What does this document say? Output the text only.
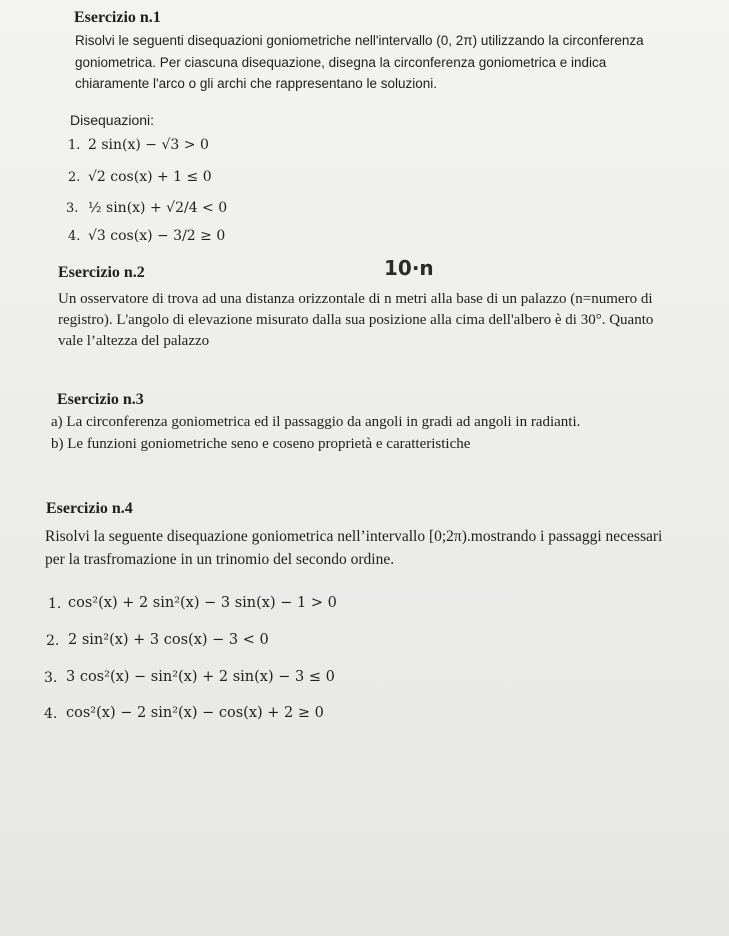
Esercizio n.1
Risolvi le seguenti disequazioni goniometriche nell'intervallo (0, 2π) utilizzando la circonferenza
goniometrica. Per ciascuna disequazione, disegna la circonferenza goniometrica e indica
chiaramente l'arco o gli archi che rappresentano le soluzioni.
Disequazioni:
1. 2 sin(x) − √3 > 0
2. √2 cos(x) + 1 ≤ 0
3. ½ sin(x) + √2/4 < 0
4. √3 cos(x) − 3/2 ≥ 0
Esercizio n.2	10·n
Un osservatore di trova ad una distanza orizzontale di n metri alla base di un palazzo (n=numero di
registro). L'angolo di elevazione misurato dalla sua posizione alla cima dell'albero è di 30°. Quanto
vale l’altezza del palazzo
Esercizio n.3
a) La circonferenza goniometrica ed il passaggio da angoli in gradi ad angoli in radianti.
b) Le funzioni goniometriche seno e coseno proprietà e caratteristiche
Esercizio n.4
Risolvi la seguente disequazione goniometrica nell’intervallo [0;2π).mostrando i passaggi necessari
per la trasfromazione in un trinomio del secondo ordine.
1. cos²(x) + 2 sin²(x) − 3 sin(x) − 1 > 0
2. 2 sin²(x) + 3 cos(x) − 3 < 0
3. 3 cos²(x) − sin²(x) + 2 sin(x) − 3 ≤ 0
4. cos²(x) − 2 sin²(x) − cos(x) + 2 ≥ 0
